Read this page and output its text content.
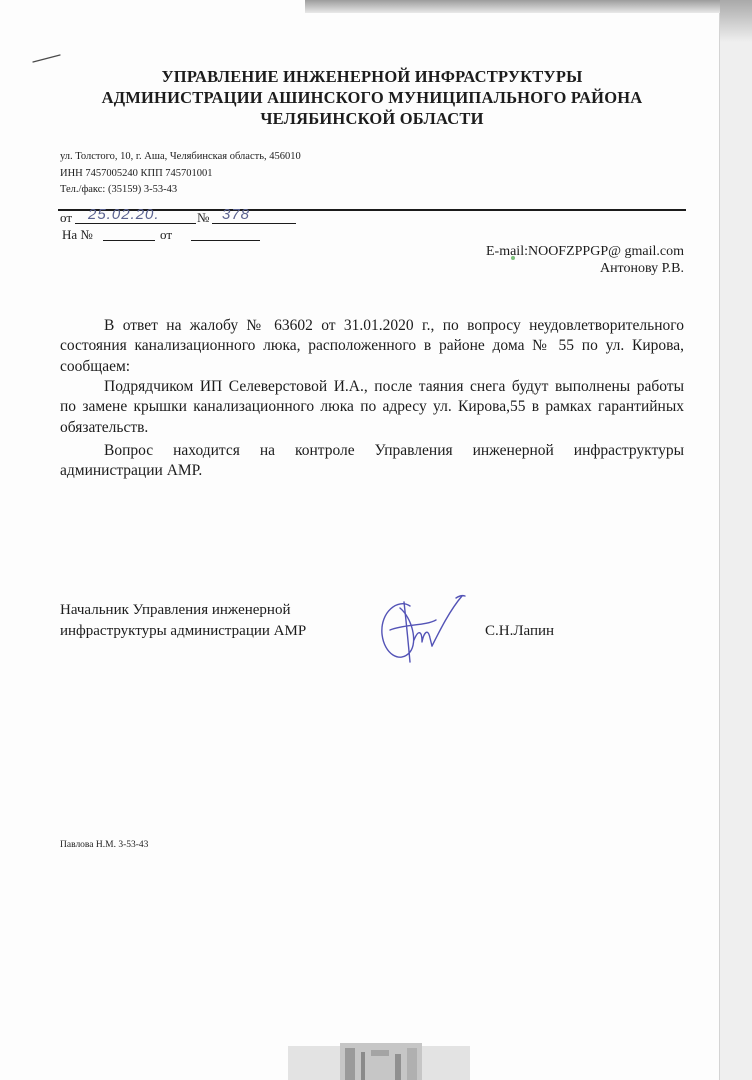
УПРАВЛЕНИЕ ИНЖЕНЕРНОЙ ИНФРАСТРУКТУРЫ
АДМИНИСТРАЦИИ АШИНСКОГО МУНИЦИПАЛЬНОГО РАЙОНА
ЧЕЛЯБИНСКОЙ ОБЛАСТИ
ул. Толстого, 10, г. Аша, Челябинская область, 456010
ИНН 7457005240 КПП 745701001
Тел./факс: (35159) 3-53-43
от 25.02.20.	№ 378
На №	от
E-mail:NOOFZPPGP@ gmail.com
Антонову Р.В.
В ответ на жалобу № 63602 от 31.01.2020 г., по вопросу неудовлетворительного
состояния канализационного люка, расположенного в районе дома № 55 по ул. Кирова,
сообщаем:
Подрядчиком ИП Селеверстовой И.А., после таяния снега будут выполнены работы
по замене крышки канализационного люка по адресу ул. Кирова,55 в рамках гарантийных
обязательств.
Вопрос находится на контроле Управления инженерной инфраструктуры
администрации АМР.
Начальник Управления инженерной
инфраструктуры администрации АМР	С.Н.Лапин
Павлова Н.М. 3-53-43
